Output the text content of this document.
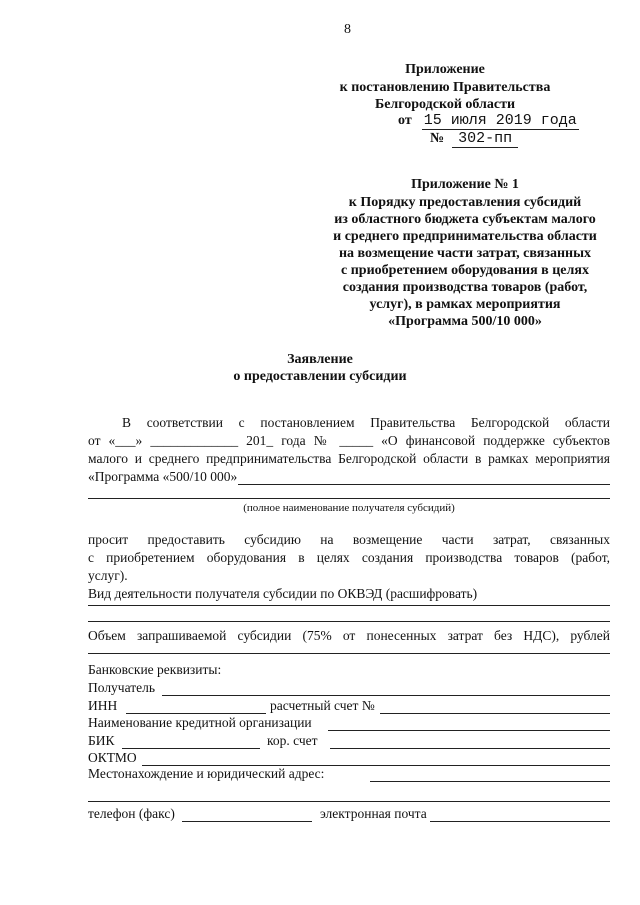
8
Приложение
к постановлению Правительства
Белгородской области
от 15 июля 2019 года
№ 302-пп
Приложение № 1
к Порядку предоставления субсидий
из областного бюджета субъектам малого
и среднего предпринимательства области
на возмещение части затрат, связанных
с приобретением оборудования в целях
создания производства товаров (работ,
услуг), в рамках мероприятия
«Программа 500/10 000»
Заявление
о предоставлении субсидии
В соответствии с постановлением Правительства Белгородской области
от «___» _____________ 201_ года № _____ «О финансовой поддержке субъектов
малого и среднего предпринимательства Белгородской области в рамках мероприятия
«Программа «500/10 000»
(полное наименование получателя субсидий)
просит предоставить субсидию на возмещение части затрат, связанных
с приобретением оборудования в целях создания производства товаров (работ,
услуг).
Вид деятельности получателя субсидии по ОКВЭД (расшифровать)
Объем запрашиваемой субсидии (75% от понесенных затрат без НДС), рублей
Банковские реквизиты:
Получатель
ИНН	расчетный счет №
Наименование кредитной организации
БИК	кор. счет
ОКТМО
Местонахождение и юридический адрес:
телефон (факс)	электронная почта
